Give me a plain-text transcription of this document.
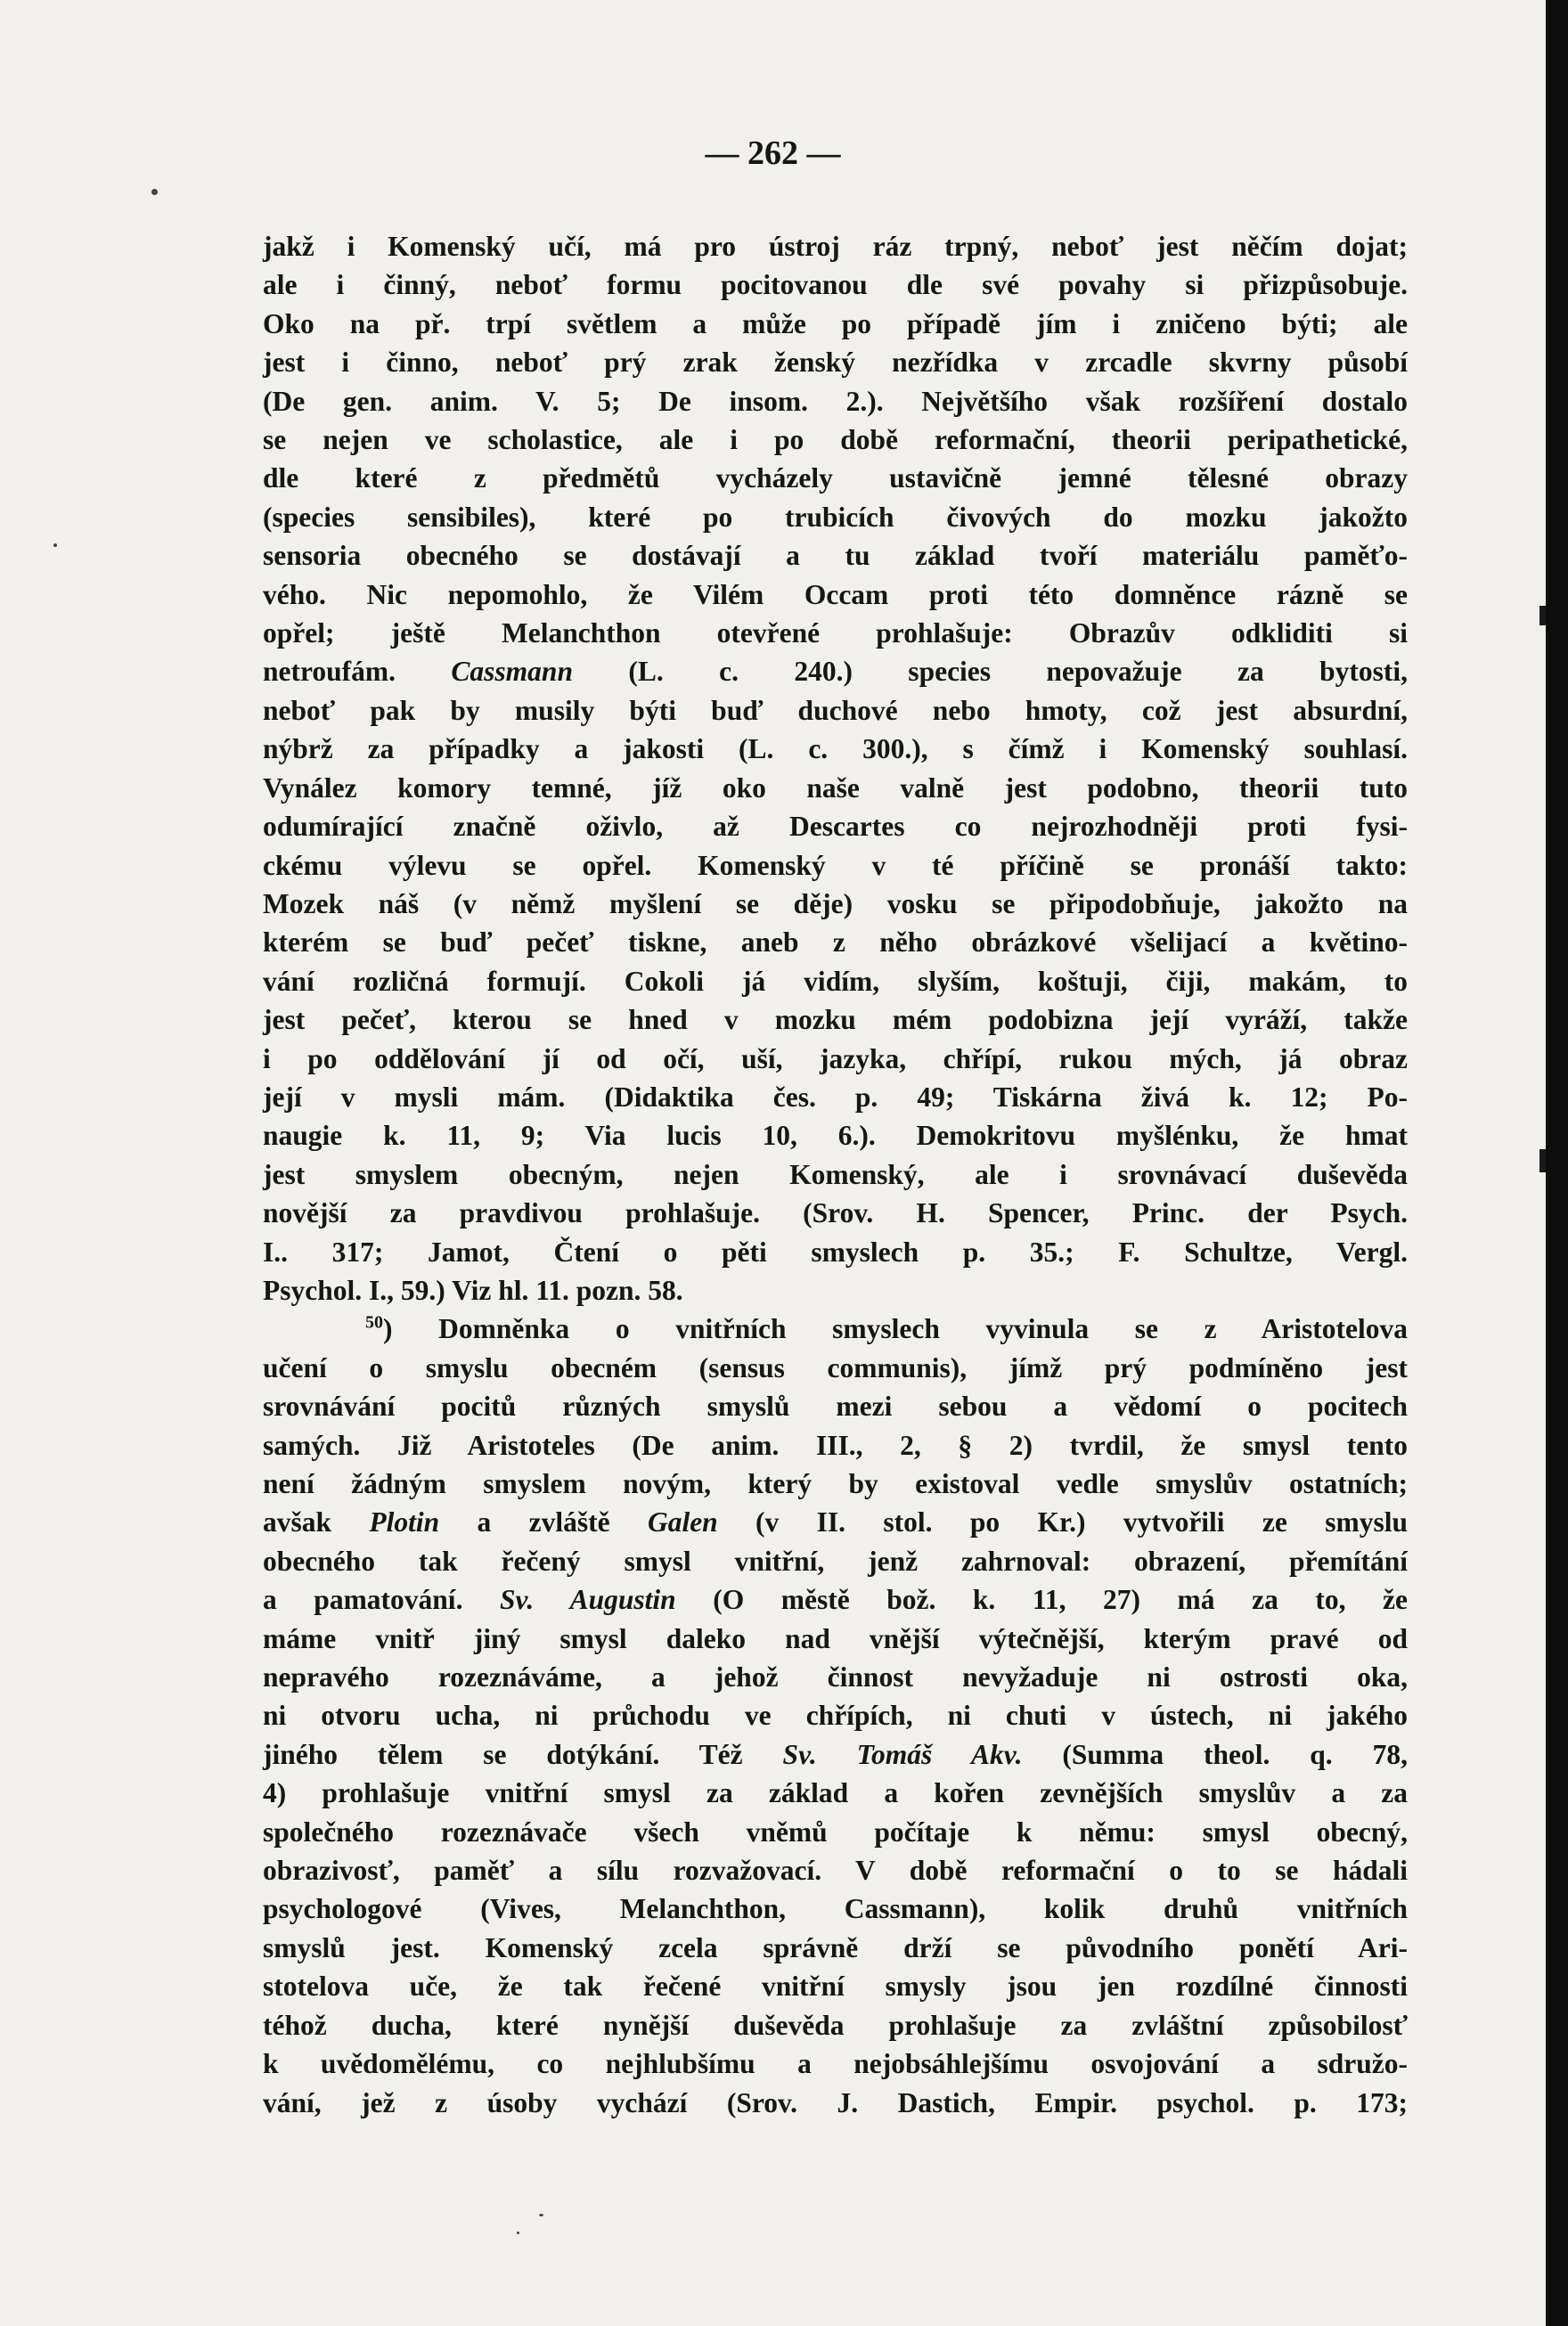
— 262 —
jakž i Komenský učí, má pro ústroj ráz trpný, neboť jest něčím dojat;
ale i činný, neboť formu pocitovanou dle své povahy si přizpůsobuje.
Oko na př. trpí světlem a může po případě jím i zničeno býti; ale
jest i činno, neboť prý zrak ženský nezřídka v zrcadle skvrny působí
(De gen. anim. V. 5; De insom. 2.). Největšího však rozšíření dostalo
se nejen ve scholastice, ale i po době reformační, theorii peripathetické,
dle které z předmětů vycházely ustavičně jemné tělesné obrazy
(species sensibiles), které po trubicích čivových do mozku jakožto
sensoria obecného se dostávají a tu základ tvoří materiálu paměťo-
vého. Nic nepomohlo, že Vilém Occam proti této domněnce rázně se
opřel; ještě Melanchthon otevřené prohlašuje: Obrazův odkliditi si
netroufám. Cassmann (L. c. 240.) species nepovažuje za bytosti,
neboť pak by musily býti buď duchové nebo hmoty, což jest absurdní,
nýbrž za případky a jakosti (L. c. 300.), s čímž i Komenský souhlasí.
Vynález komory temné, jíž oko naše valně jest podobno, theorii tuto
odumírající značně oživlo, až Descartes co nejrozhodněji proti fysi-
ckému výlevu se opřel. Komenský v té příčině se pronáší takto:
Mozek náš (v němž myšlení se děje) vosku se připodobňuje, jakožto na
kterém se buď pečeť tiskne, aneb z něho obrázkové všelijací a květino-
vání rozličná formují. Cokoli já vidím, slyším, koštuji, čiji, makám, to
jest pečeť, kterou se hned v mozku mém podobizna její vyráží, takže
i po oddělování jí od očí, uší, jazyka, chřípí, rukou mých, já obraz
její v mysli mám. (Didaktika čes. p. 49; Tiskárna živá k. 12; Po-
naugie k. 11, 9; Via lucis 10, 6.). Demokritovu myšlénku, že hmat
jest smyslem obecným, nejen Komenský, ale i srovnávací duševěda
novější za pravdivou prohlašuje. (Srov. H. Spencer, Princ. der Psych.
I.. 317; Jamot, Čtení o pěti smyslech p. 35.; F. Schultze, Vergl.
Psychol. I., 59.) Viz hl. 11. pozn. 58.
$^{50}$) Domněnka o vnitřních smyslech vyvinula se z Aristotelova
učení o smyslu obecném (sensus communis), jímž prý podmíněno jest
srovnávání pocitů různých smyslů mezi sebou a vědomí o pocitech
samých. Již Aristoteles (De anim. III., 2, § 2) tvrdil, že smysl tento
není žádným smyslem novým, který by existoval vedle smyslův ostatních;
avšak Plotin a zvláště Galen (v II. stol. po Kr.) vytvořili ze smyslu
obecného tak řečený smysl vnitřní, jenž zahrnoval: obrazení, přemítání
a pamatování. Sv. Augustin (O městě bož. k. 11, 27) má za to, že
máme vnitř jiný smysl daleko nad vnější výtečnější, kterým pravé od
nepravého rozeznáváme, a jehož činnost nevyžaduje ni ostrosti oka,
ni otvoru ucha, ni průchodu ve chřípích, ni chuti v ústech, ni jakého
jiného tělem se dotýkání. Též Sv. Tomáš Akv. (Summa theol. q. 78,
4) prohlašuje vnitřní smysl za základ a kořen zevnějších smyslův a za
společného rozeznávače všech vněmů počítaje k němu: smysl obecný,
obrazivosť, paměť a sílu rozvažovací. V době reformační o to se hádali
psychologové (Vives, Melanchthon, Cassmann), kolik druhů vnitřních
smyslů jest. Komenský zcela správně drží se původního ponětí Ari-
stotelova uče, že tak řečené vnitřní smysly jsou jen rozdílné činnosti
téhož ducha, které nynější duševěda prohlašuje za zvláštní způsobilosť
k uvědomělému, co nejhlubšímu a nejobsáhlejšímu osvojování a sdružo-
vání, jež z úsoby vychází (Srov. J. Dastich, Empir. psychol. p. 173;
